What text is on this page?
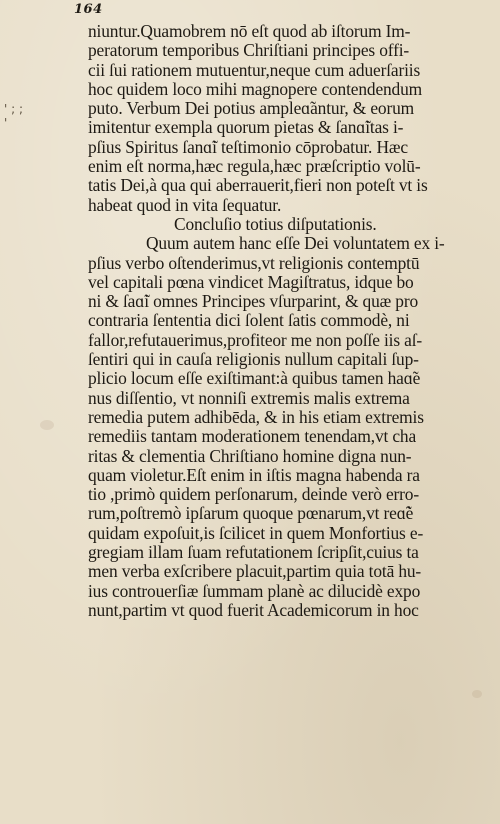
164
' ; ; '
niuntur.Quamobrem nō eſt quod ab iſtorum Im-
peratorum temporibus Chriſtiani principes offi-
cii ſui rationem mutuentur,neque cum aduerſariis
hoc quidem loco mihi magnopere contendendum
puto. Verbum Dei potius ampleɑ̃antur, & eorum
imitentur exempla quorum pietas & ſanɑ̃itas i-
pſius Spiritus ſanɑ̃i teſtimonio cōprobatur. Hæc
enim eſt norma,hæc regula,hæc præſcriptio volū-
tatis Dei,à qua qui aberrauerit,fieri non poteſt vt is
habeat quod in vita ſequatur.
Concluſio totius diſputationis.
Quum autem hanc eſſe Dei voluntatem ex i-
pſius verbo oſtenderimus,vt religionis contemptū
vel capitali pœna vindicet Magiſtratus, idque bo
ni & ſaɑ̃i omnes Principes vſurparint, & quæ pro
contraria ſententia dici ſolent ſatis commodè, ni
fallor,refutauerimus,profiteor me non poſſe iis aſ-
ſentiri qui in cauſa religionis nullum capitali ſup-
plicio locum eſſe exiſtimant:à quibus tamen haɑ̃e
nus diſſentio, vt nonniſi extremis malis extrema
remedia putem adhibēda, & in his etiam extremis
remediis tantam moderationem tenendam,vt cha
ritas & clementia Chriſtiano homine digna nun-
quam violetur.Eſt enim in iſtis magna habenda ra
tio ,primò quidem perſonarum, deinde verò erro-
rum,poſtremò ipſarum quoque pœnarum,vt reɑ̃è
quidam expoſuit,is ſcilicet in quem Monfortius e-
gregiam illam ſuam refutationem ſcripſit,cuius ta
men verba exſcribere placuit,partim quia totā hu-
ius controuerſiæ ſummam planè ac dilucidè expo
nunt,partim vt quod fuerit Academicorum in hoc
